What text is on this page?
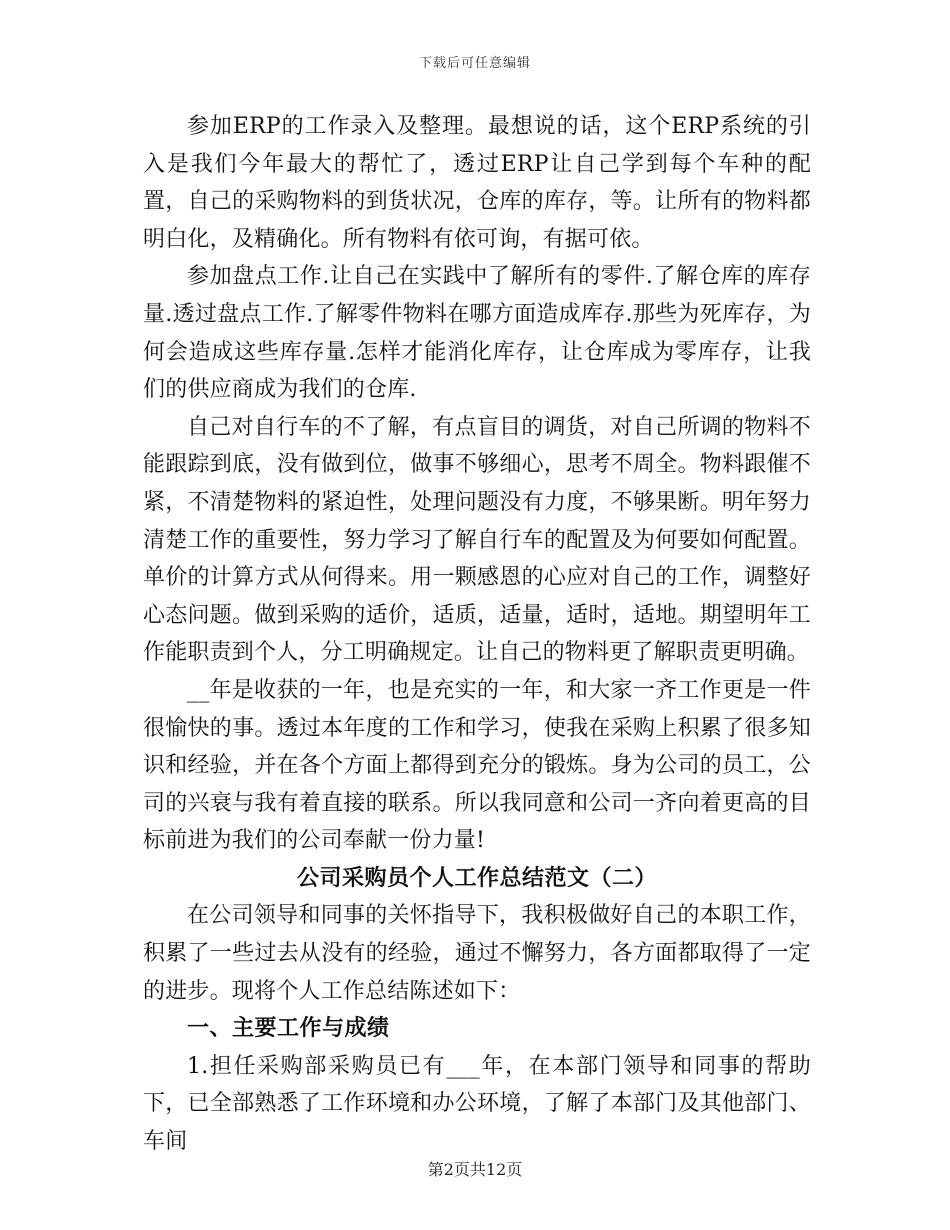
下载后可任意编辑

参加ERP的工作录入及整理。最想说的话，这个ERP系统的引入是我们今年最大的帮忙了，透过ERP让自己学到每个车种的配置，自己的采购物料的到货状况，仓库的库存，等。让所有的物料都明白化，及精确化。所有物料有依可询，有据可依。

参加盘点工作.让自己在实践中了解所有的零件.了解仓库的库存量.透过盘点工作.了解零件物料在哪方面造成库存.那些为死库存，为何会造成这些库存量.怎样才能消化库存，让仓库成为零库存，让我们的供应商成为我们的仓库.

自己对自行车的不了解，有点盲目的调货，对自己所调的物料不能跟踪到底，没有做到位，做事不够细心，思考不周全。物料跟催不紧，不清楚物料的紧迫性，处理问题没有力度，不够果断。明年努力清楚工作的重要性，努力学习了解自行车的配置及为何要如何配置。单价的计算方式从何得来。用一颗感恩的心应对自己的工作，调整好心态问题。做到采购的适价，适质，适量，适时，适地。期望明年工作能职责到个人，分工明确规定。让自己的物料更了解职责更明确。

__年是收获的一年，也是充实的一年，和大家一齐工作更是一件很愉快的事。透过本年度的工作和学习，使我在采购上积累了很多知识和经验，并在各个方面上都得到充分的锻炼。身为公司的员工，公司的兴衰与我有着直接的联系。所以我同意和公司一齐向着更高的目标前进为我们的公司奉献一份力量!

公司采购员个人工作总结范文（二）

在公司领导和同事的关怀指导下，我积极做好自己的本职工作，积累了一些过去从没有的经验，通过不懈努力，各方面都取得了一定的进步。现将个人工作总结陈述如下：

一、主要工作与成绩

1.担任采购部采购员已有___年，在本部门领导和同事的帮助下，已全部熟悉了工作环境和办公环境，了解了本部门及其他部门、车间

第2页共12页
